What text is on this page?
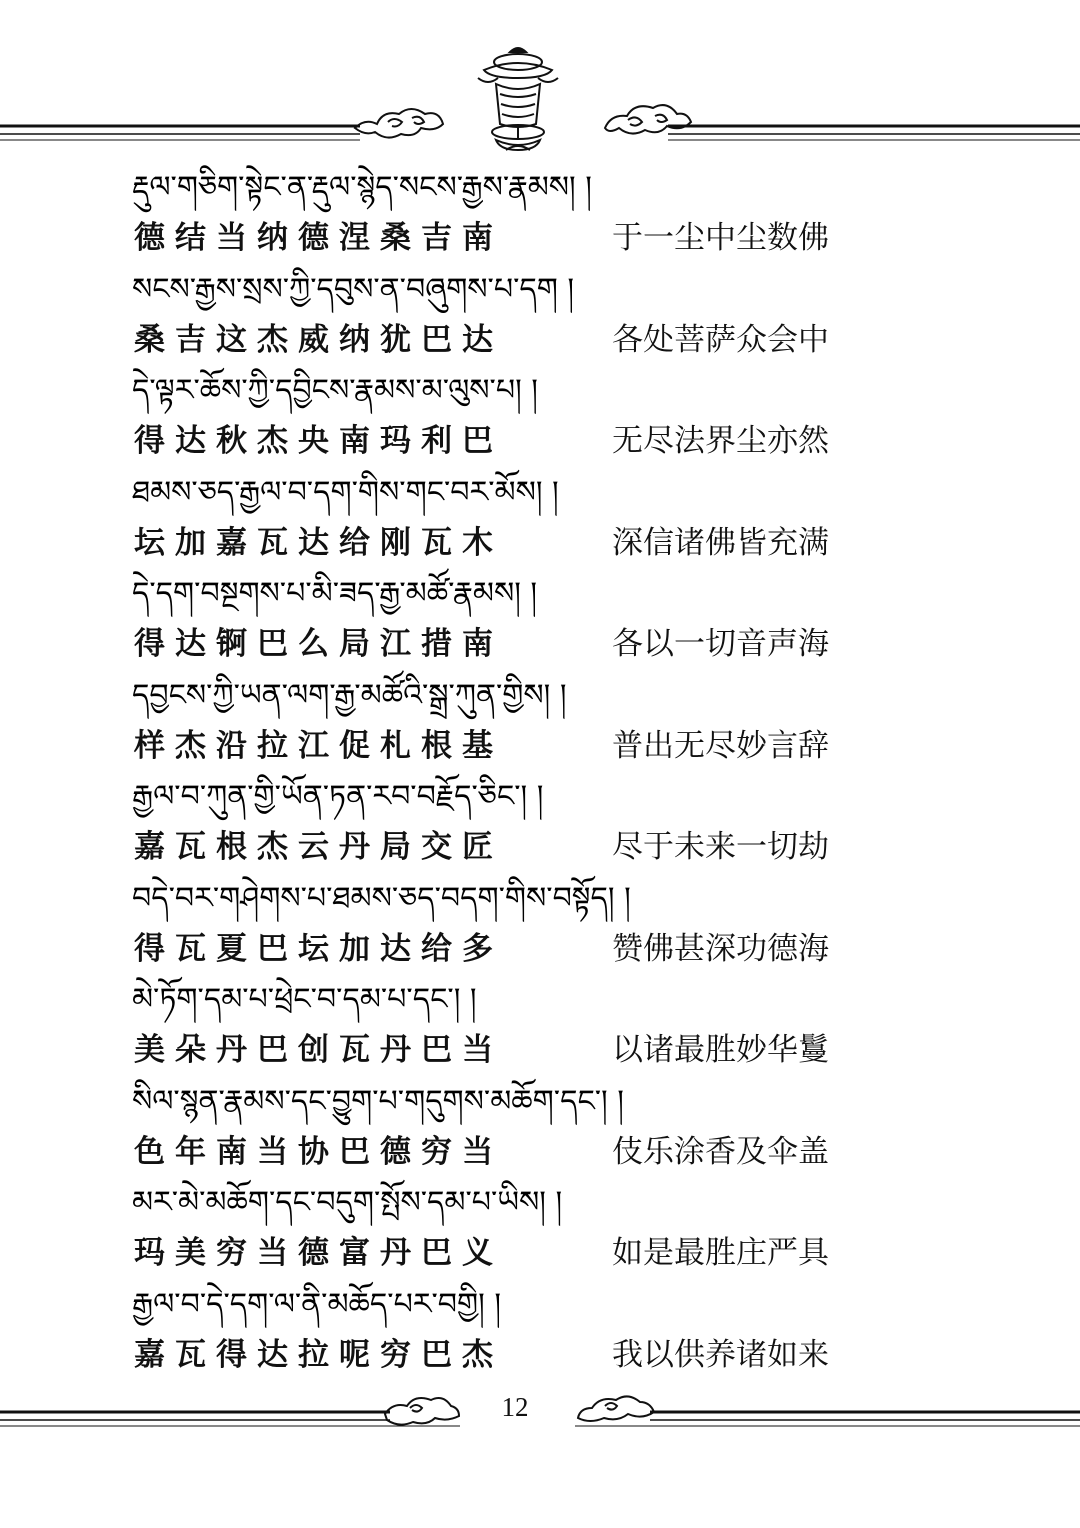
རྡུལ་གཅིག་སྟེང་ན་རྡུལ་སྙེད་སངས་རྒྱས་རྣམས། །
德结当纳德涅桑吉南	于一尘中尘数佛
སངས་རྒྱས་སྲས་ཀྱི་དབུས་ན་བཞུགས་པ་དག །
桑吉这杰威纳犹巴达	各处菩萨众会中
དེ་ལྟར་ཆོས་ཀྱི་དབྱིངས་རྣམས་མ་ལུས་པ། །
得达秋杰央南玛利巴	无尽法界尘亦然
ཐམས་ཅད་རྒྱལ་བ་དག་གིས་གང་བར་མོས། །
坛加嘉瓦达给刚瓦木	深信诸佛皆充满
དེ་དག་བསྔགས་པ་མི་ཟད་རྒྱ་མཚོ་རྣམས། །
得达锕巴么局江措南	各以一切音声海
དབྱངས་ཀྱི་ཡན་ལག་རྒྱ་མཚོའི་སྒྲ་ཀུན་གྱིས། །
样杰沿拉江促札根基	普出无尽妙言辞
རྒྱལ་བ་ཀུན་གྱི་ཡོན་ཏན་རབ་བརྗོད་ཅིང་། །
嘉瓦根杰云丹局交匠	尽于未来一切劫
བདེ་བར་གཤེགས་པ་ཐམས་ཅད་བདག་གིས་བསྟོད། །
得瓦夏巴坛加达给多	赞佛甚深功德海
མེ་ཏོག་དམ་པ་ཕྲེང་བ་དམ་པ་དང་། །
美朵丹巴创瓦丹巴当	以诸最胜妙华鬘
སིལ་སྙན་རྣམས་དང་བྱུག་པ་གདུགས་མཆོག་དང་། །
色年南当协巴德穷当	伎乐涂香及伞盖
མར་མེ་མཆོག་དང་བདུག་སྤོས་དམ་པ་ཡིས། །
玛美穷当德富丹巴义	如是最胜庄严具
རྒྱལ་བ་དེ་དག་ལ་ནི་མཆོད་པར་བགྱི། །
嘉瓦得达拉呢穷巴杰	我以供养诸如来
12
